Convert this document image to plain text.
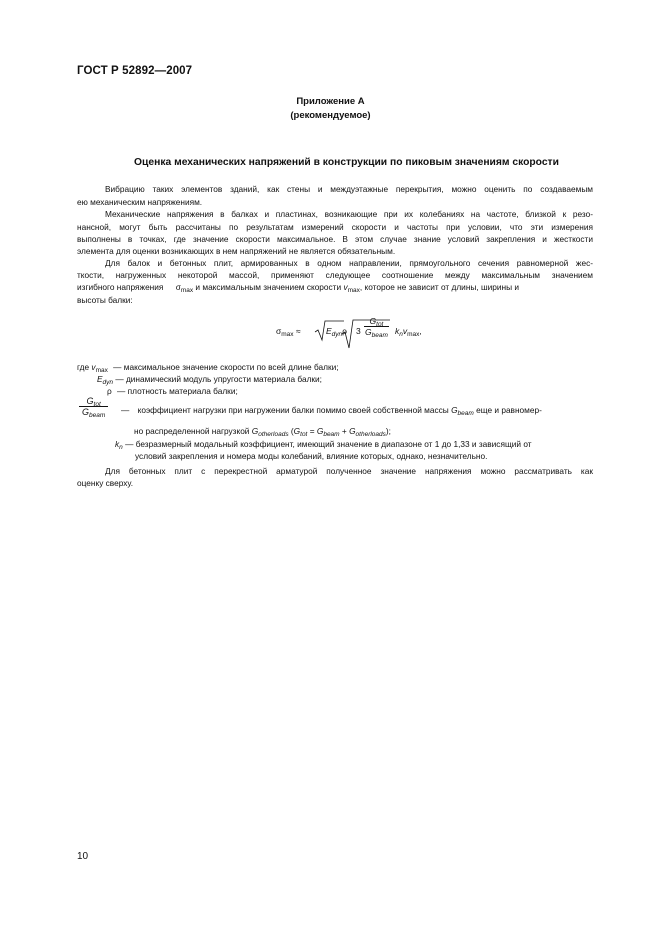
ГОСТ Р 52892—2007
Приложение А
(рекомендуемое)
Оценка механических напряжений в конструкции по пиковым значениям скорости
Вибрацию таких элементов зданий, как стены и междуэтажные перекрытия, можно оценить по создаваемым
ею механическим напряжениям.
Механические напряжения в балках и пластинах, возникающие при их колебаниях на частоте, близкой к резо-
нансной, могут быть рассчитаны по результатам измерений скорости и частоты при условии, что эти измерения
выполнены в точках, где значение скорости максимальное. В этом случае знание условий закрепления и жесткости
элемента для оценки возникающих в нем напряжений не является обязательным.
Для балок и бетонных плит, армированных в одном направлении, прямоугольного сечения равномерной жес-
ткости, нагруженных некоторой массой, применяют следующее соотношение между максимальным значением
изгибного напряжения $\sigma_{max}$ и максимальным значением скорости $v_{max}$, которое не зависит от длины, ширины и
высоты балки:
$\sigma_{max}$ ≈	$E_{dyn}\rho$ 3
$G_{tot}$
$G_{beam}$ $k_nv_{max}$,
где $v_{max}$ — максимальное значение скорости по всей длине балки;
$E_{dyn}$ — динамический модуль упругости материала балки;
ρ — плотность материала балки;
$\frac{G_{tot}}{G_{beam}}$ — коэффициент нагрузки при нагружении балки помимо своей собственной массы $G_{beam}$ еще и равномер-
но распределенной нагрузкой $G_{otherloads}$ $(G_{tot} = G_{beam} + G_{otherloads})$;
$k_n$ — безразмерный модальный коэффициент, имеющий значение в диапазоне от 1 до 1,33 и зависящий от
условий закрепления и номера моды колебаний, влияние которых, однако, незначительно.
Для бетонных плит с перекрестной арматурой полученное значение напряжения можно рассматривать как
оценку сверху.
10
